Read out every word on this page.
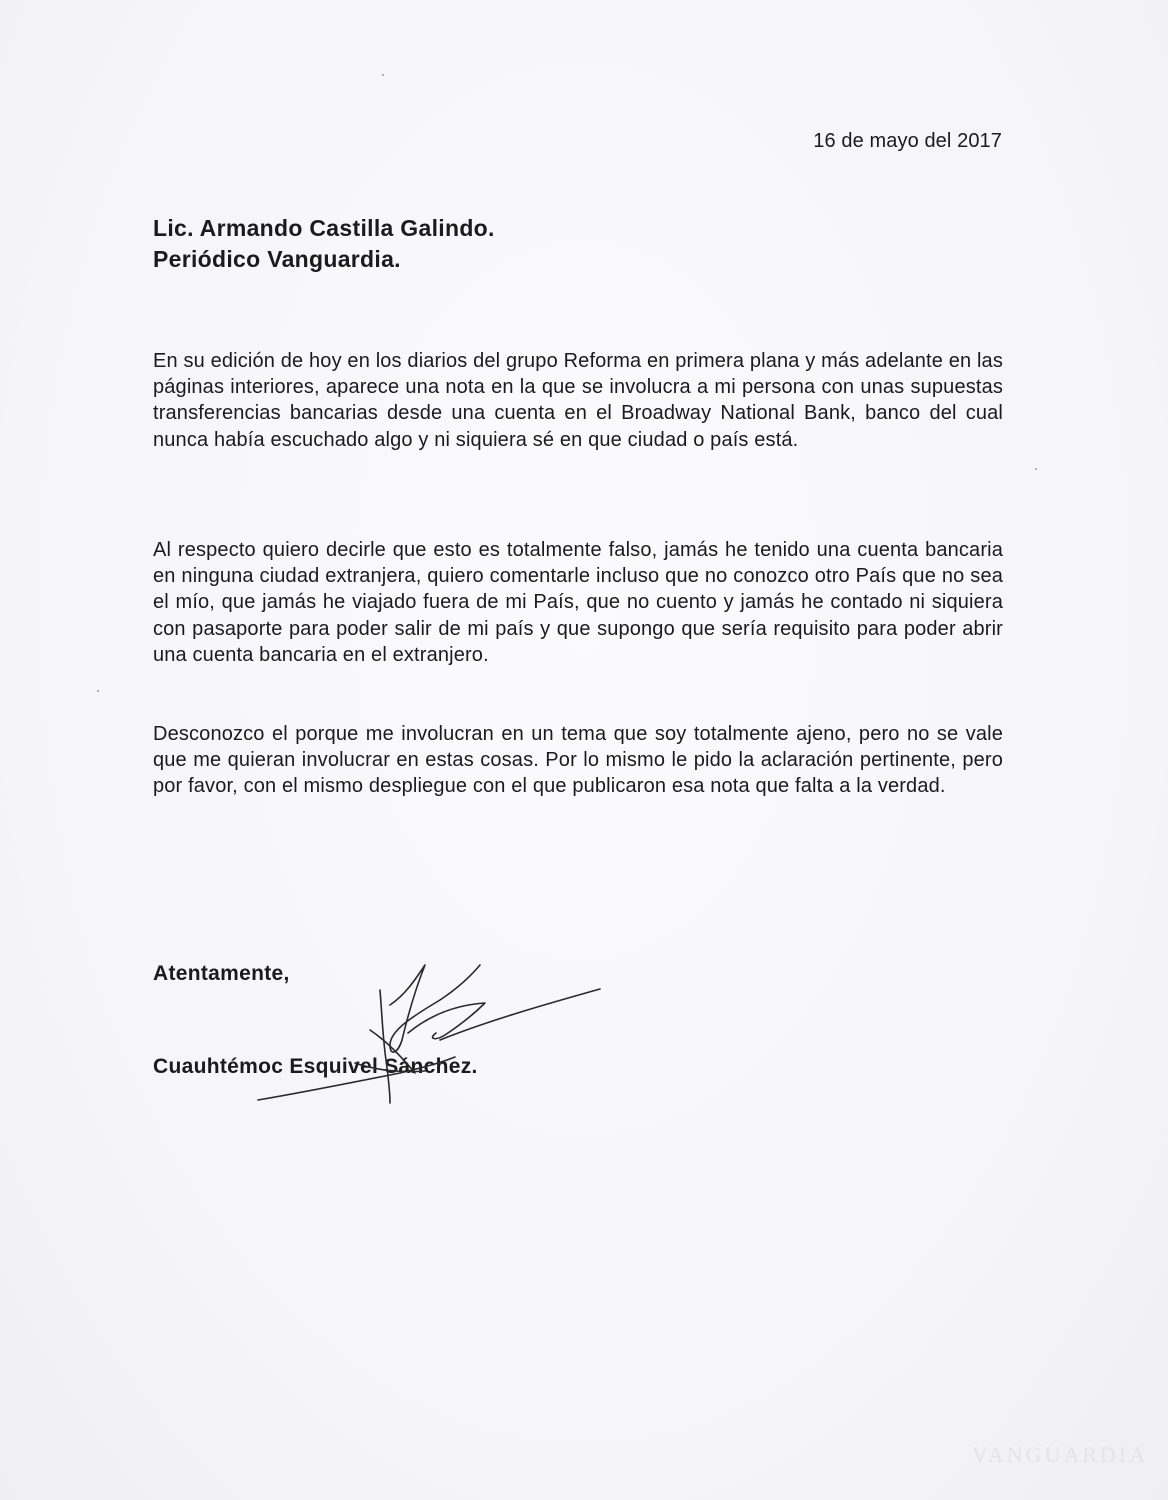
16 de mayo del 2017
Lic. Armando Castilla Galindo.
Periódico Vanguardia.
En su edición de hoy en los diarios del grupo Reforma en primera plana y más adelante en las páginas interiores, aparece una nota en la que se involucra a mi persona con unas supuestas transferencias bancarias desde una cuenta en el Broadway National Bank, banco del cual nunca había escuchado algo y ni siquiera sé en que ciudad o país está.
Al respecto quiero decirle que esto es totalmente falso, jamás he tenido una cuenta bancaria en ninguna ciudad extranjera, quiero comentarle incluso que no conozco otro País que no sea el mío, que jamás he viajado fuera de mi País, que no cuento y jamás he contado ni siquiera con pasaporte para poder salir de mi país y que supongo que sería requisito para poder abrir una cuenta bancaria en el extranjero.
Desconozco el porque me involucran en un tema que soy totalmente ajeno, pero no se vale que me quieran involucrar en estas cosas. Por lo mismo le pido la aclaración pertinente, pero por favor, con el mismo despliegue con el que publicaron esa nota que falta a la verdad.
Atentamente,
Cuauhtémoc Esquivel Sánchez.
VANGUARDIA
